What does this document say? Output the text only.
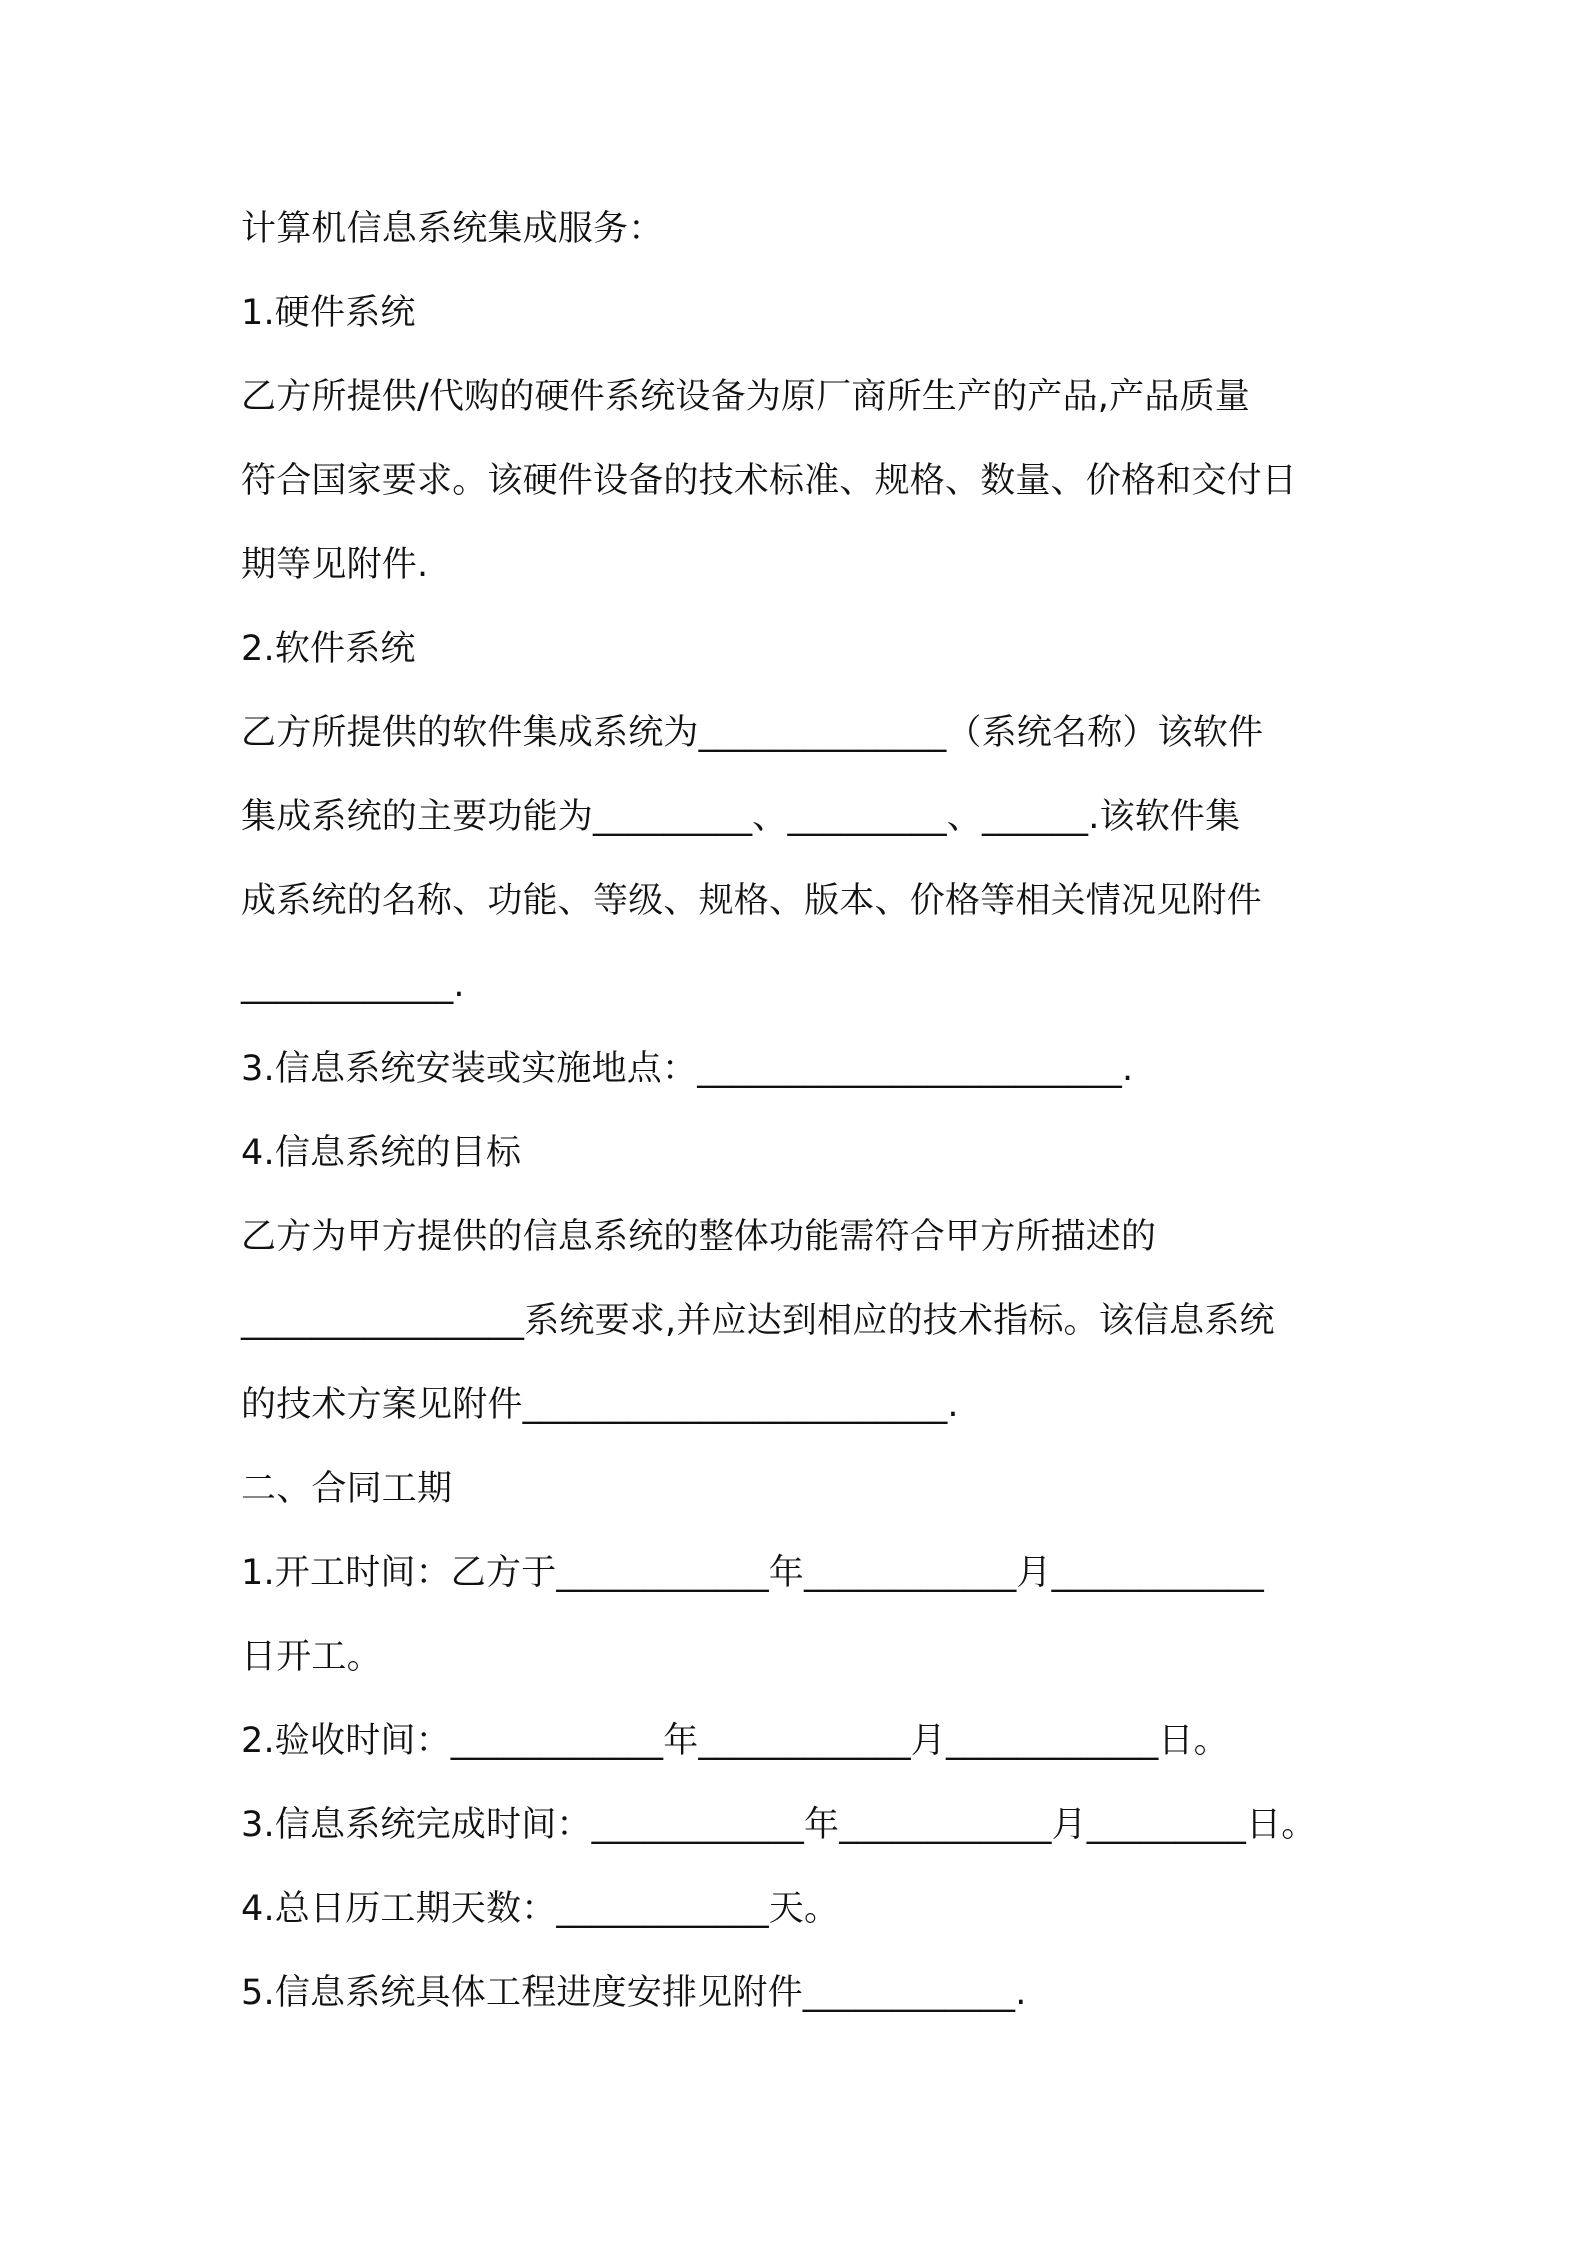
计算机信息系统集成服务：

1.硬件系统

乙方所提供/代购的硬件系统设备为原厂商所生产的产品,产品质量

符合国家要求。该硬件设备的技术标准、规格、数量、价格和交付日

期等见附件.

2.软件系统

乙方所提供的软件集成系统为______________（系统名称）该软件

集成系统的主要功能为_________、_________、______.该软件集

成系统的名称、功能、等级、规格、版本、价格等相关情况见附件

____________.

3.信息系统安装或实施地点：________________________.

4.信息系统的目标

乙方为甲方提供的信息系统的整体功能需符合甲方所描述的

________________系统要求,并应达到相应的技术指标。该信息系统

的技术方案见附件________________________.

二、合同工期

1.开工时间：乙方于____________年____________月____________

日开工。

2.验收时间：____________年____________月____________日。

3.信息系统完成时间：____________年____________月_________日。

4.总日历工期天数：____________天。

5.信息系统具体工程进度安排见附件____________.
